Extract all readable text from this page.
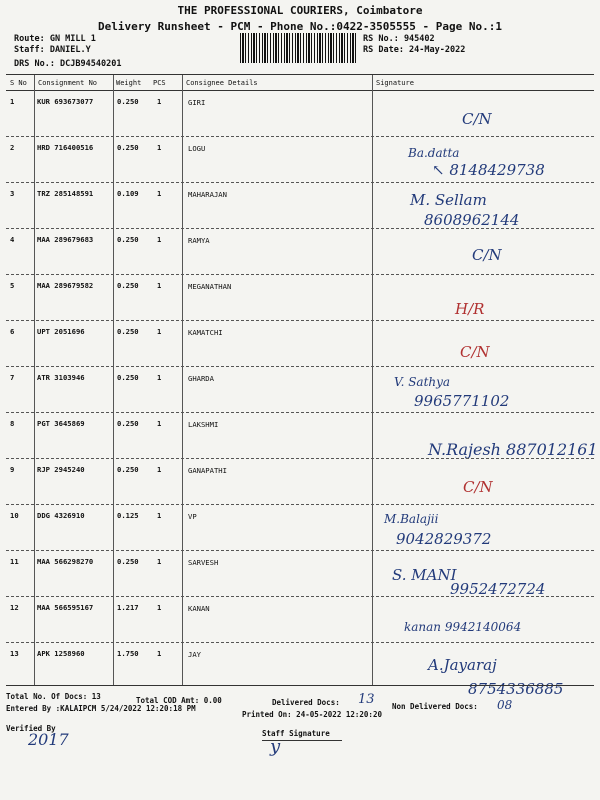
THE PROFESSIONAL COURIERS, Coimbatore
Delivery Runsheet - PCM - Phone No.:0422-3505555 - Page No.:1
Route: GN MILL 1
Staff: DANIEL.Y
DRS No.: DCJB94540201
RS No.: 945402
RS Date: 24-May-2022
S No Consignment No	Weight PCS	Consignee Details	Signature
1	KUR 693673077	0.250	1	GIRI
C/N
2	HRD 716400516	0.250	1	LOGU	Ba.datta
↖ 8148429738
3	TRZ 285148591	0.109	1	MAHARAJAN	M. Sellam
8608962144
4	MAA 289679683	0.250	1	RAMYA
C/N
5	MAA 289679582	0.250	1	MEGANATHAN
H/R
6	UPT 2051696	0.250	1	KAMATCHI
C/N
7	ATR 3103946	0.250	1	GHARDA	V. Sathya
9965771102
8	PGT 3645869	0.250	1	LAKSHMI
N.Rajesh 887012161
9	RJP 2945240	0.250	1	GANAPATHI
C/N
10	DDG 4326910	0.125	1	VP	M.Balajii
9042829372
11	MAA 566298270	0.250	1	SARVESH
S. MANI
9952472724
12	MAA 566595167	1.217	1	KANAN
kanan 9942140064
13	APK 1258960	1.750	1	JAY
A.Jayaraj
8754336885
Total No. Of Docs: 13	Total COD Amt: 0.00	Delivered Docs: 13 Non Delivered Docs: 08
Entered By :KALAIPCM 5/24/2022 12:20:18 PM
Printed On: 24-05-2022 12:20:20
Verified By
2017	Staff Signature
y
